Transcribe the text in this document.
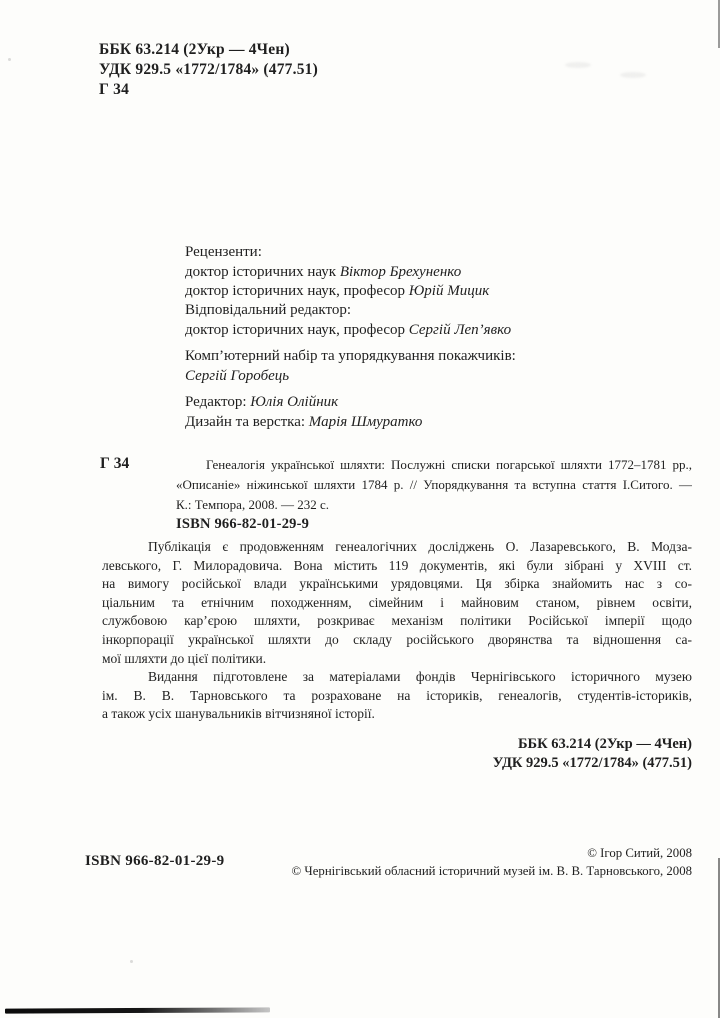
ББК 63.214 (2Укр — 4Чен)
УДК 929.5 «1772/1784» (477.51)
Г 34
Рецензенти:
доктор історичних наук Віктор Брехуненко
доктор історичних наук, професор Юрій Мицик
Відповідальний редактор:
доктор історичних наук, професор Сергій Леп’явко
Комп’ютерний набір та упорядкування покажчиків:
Сергій Горобець
Редактор: Юлія Олійник
Дизайн та верстка: Марія Шмуратко
Г 34	Генеалогія української шляхти: Послужні списки погарської шляхти 1772–1781 рр.,
«Описаніе» ніжинської шляхти 1784 р. // Упорядкування та вступна стаття І.Ситого. —
К.: Темпора, 2008. — 232 с.
ISBN 966-82-01-29-9
Публікація є продовженням генеалогічних досліджень О. Лазаревського, В. Модза-
левського, Г. Милорадовича. Вона містить 119 документів, які були зібрані у XVIII ст.
на вимогу російської влади українськими урядовцями. Ця збірка знайомить нас з со-
ціальним та етнічним походженням, сімейним і майновим станом, рівнем освіти,
службовою кар’єрою шляхти, розкриває механізм політики Російської імперії щодо
інкорпорації української шляхти до складу російського дворянства та відношення са-
мої шляхти до цієї політики.
Видання підготовлене за матеріалами фондів Чернігівського історичного музею
ім. В. В. Тарновського та розраховане на істориків, генеалогів, студентів-істориків,
а також усіх шанувальників вітчизняної історії.
ББК 63.214 (2Укр — 4Чен)
УДК 929.5 «1772/1784» (477.51)
ISBN 966-82-01-29-9	© Ігор Ситий, 2008
© Чернігівський обласний історичний музей ім. В. В. Тарновського, 2008
